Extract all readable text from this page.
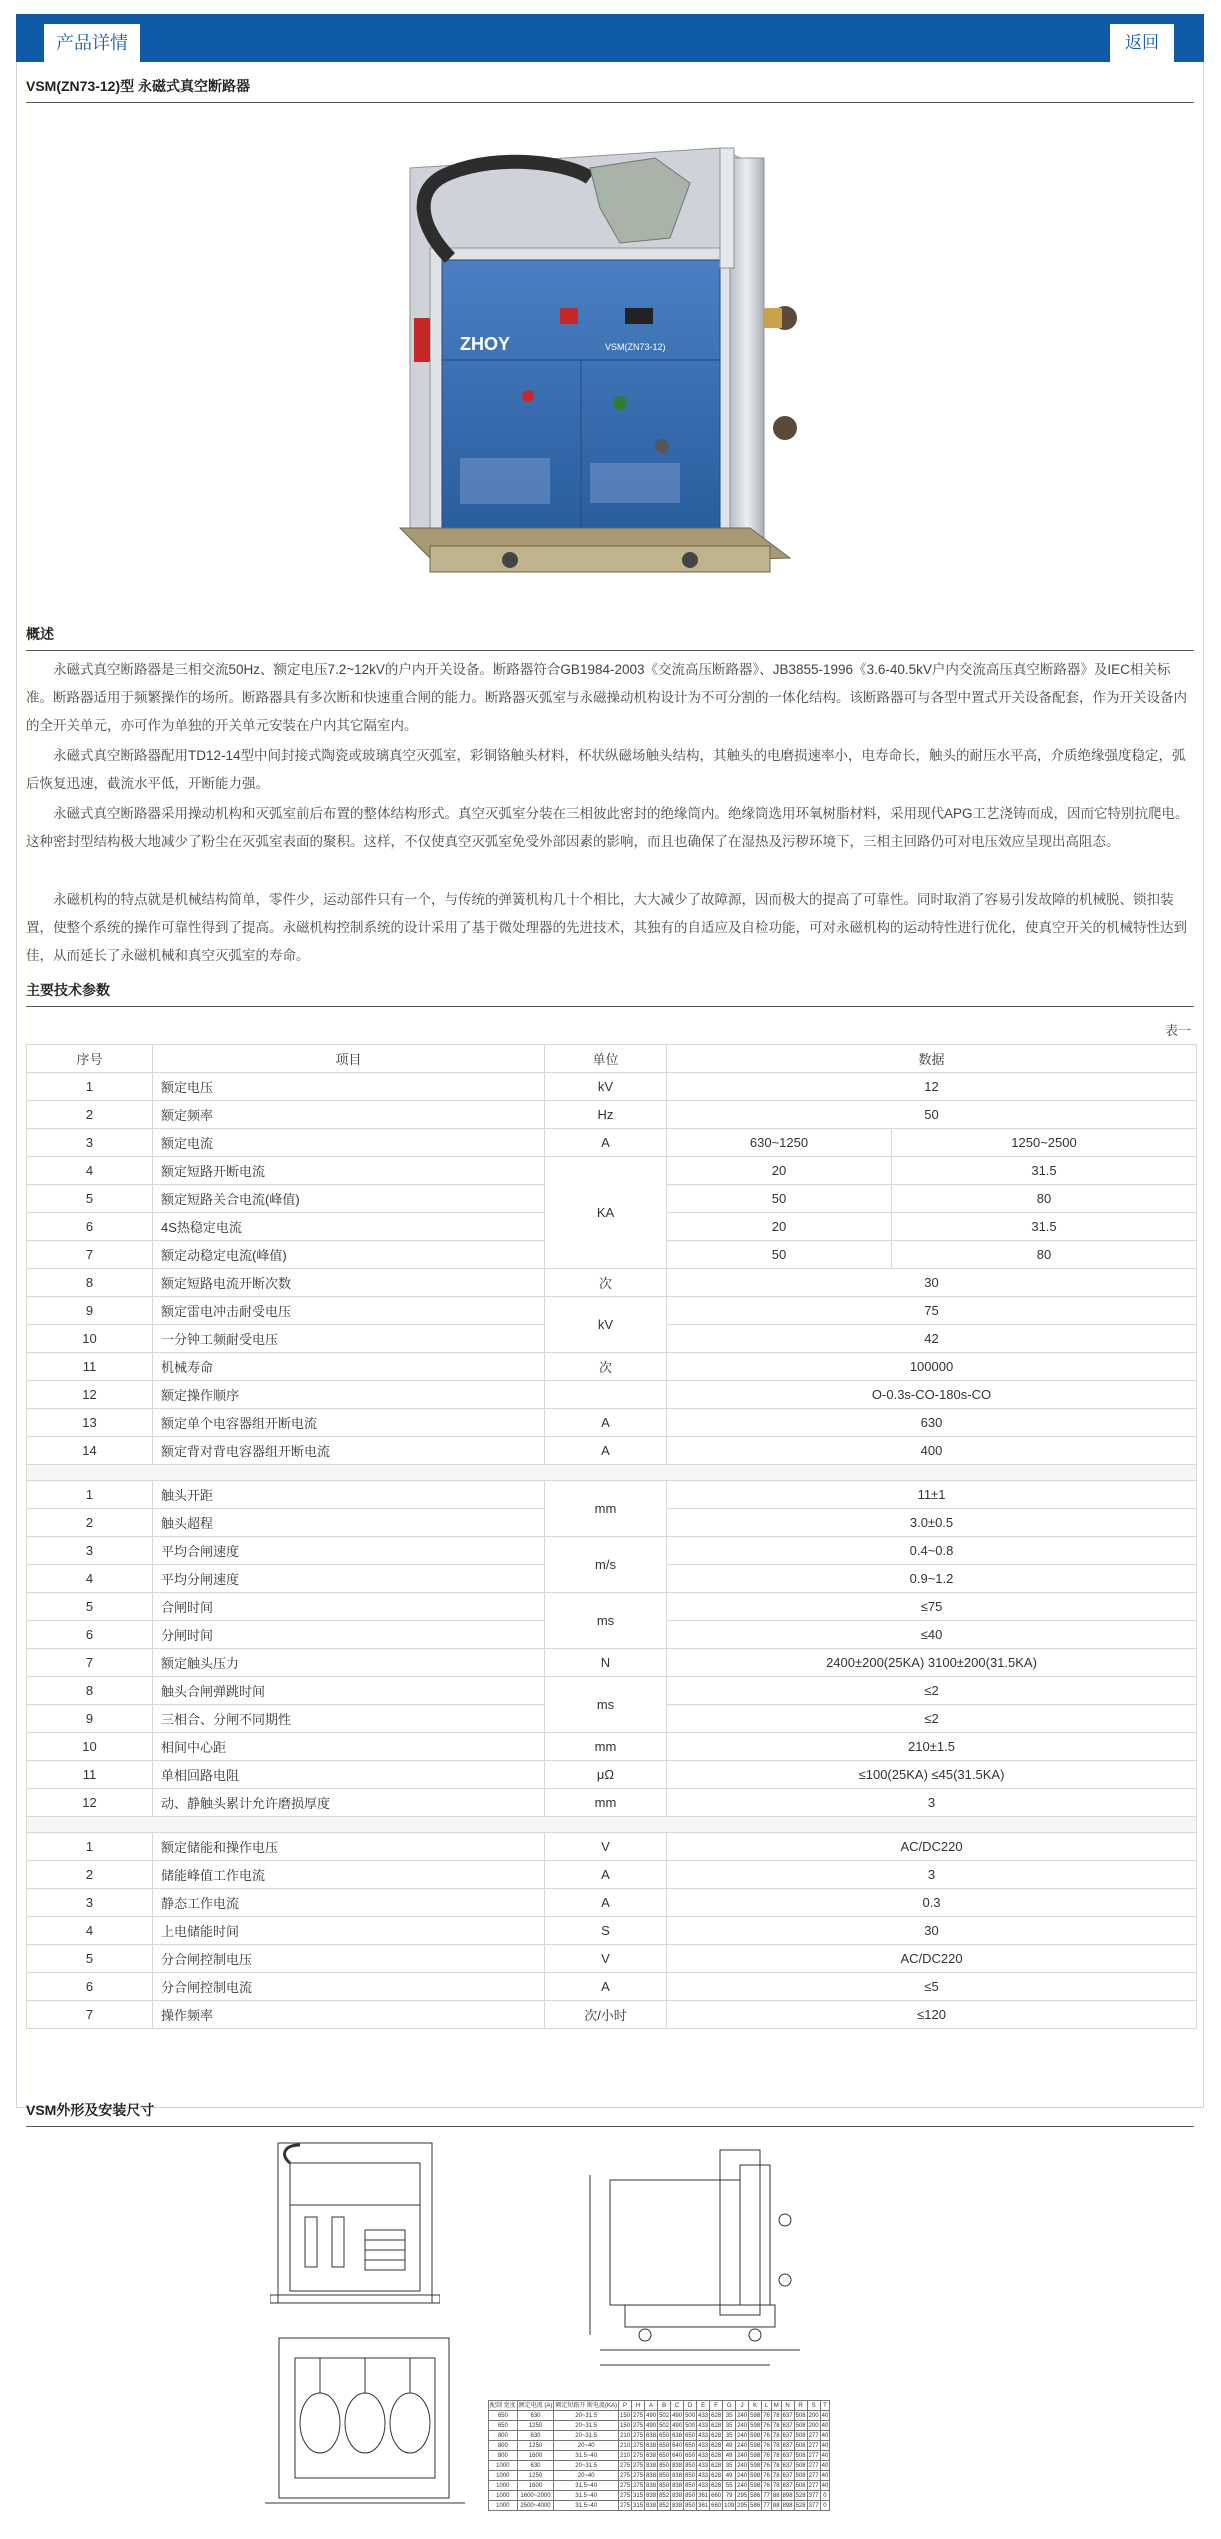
产品详情	返回
VSM(ZN73-12)型 永磁式真空断路器
ZHOY	VSM(ZN73-12)
概述

永磁式真空断路器是三相交流50Hz、额定电压7.2~12kV的户内开关设备。断路器符合GB1984-2003《交流高压断路器》、JB3855-1996《3.6-40.5kV户内交流高压真空断路器》及IEC相关标准。断路器适用于频繁操作的场所。断路器具有多次断和快速重合闸的能力。断路器灭弧室与永磁操动机构设计为不可分割的一体化结构。该断路器可与各型中置式开关设备配套，作为开关设备内的全开关单元，亦可作为单独的开关单元安装在户内其它隔室内。

永磁式真空断路器配用TD12-14型中间封接式陶瓷或玻璃真空灭弧室，彩铜铬触头材料，杯状纵磁场触头结构，其触头的电磨损速率小，电寿命长，触头的耐压水平高，介质绝缘强度稳定，弧后恢复迅速，截流水平低，开断能力强。

永磁式真空断路器采用操动机构和灭弧室前后布置的整体结构形式。真空灭弧室分装在三相彼此密封的绝缘筒内。绝缘筒选用环氧树脂材料，采用现代APG工艺浇铸而成，因而它特别抗爬电。这种密封型结构极大地减少了粉尘在灭弧室表面的聚积。这样，不仅使真空灭弧室免受外部因素的影响，而且也确保了在湿热及污秽环境下，三相主回路仍可对电压效应呈现出高阻态。

永磁机构的特点就是机械结构简单，零件少，运动部件只有一个，与传统的弹簧机构几十个相比，大大减少了故障源，因而极大的提高了可靠性。同时取消了容易引发故障的机械脱、锁扣装置，使整个系统的操作可靠性得到了提高。永磁机构控制系统的设计采用了基于微处理器的先进技术，其独有的自适应及自检功能，可对永磁机构的运动特性进行优化，使真空开关的机械特性达到佳，从而延长了永磁机械和真空灭弧室的寿命。

主要技术参数
表一
序号	项目	单位	数据	
1	额定电压	kV	12	
2	额定频率	Hz	50	
3	额定电流	A	630~1250	1250~2500
4	额定短路开断电流	KA	20	31.5
5	额定短路关合电流(峰值)		50	80
6	4S热稳定电流		20	31.5
7	额定动稳定电流(峰值)		50	80
8	额定短路电流开断次数	次	30	
9	额定雷电冲击耐受电压	kV	75	
10	一分钟工频耐受电压		42	
11	机械寿命	次	100000	
12	额定操作顺序		O-0.3s-CO-180s-CO	
13	额定单个电容器组开断电流	A	630	
14	额定背对背电容器组开断电流	A	400	

1	触头开距	mm	11±1	
2	触头超程		3.0±0.5	
3	平均合闸速度	m/s	0.4~0.8	
4	平均分闸速度		0.9~1.2	
5	合闸时间	ms	≤75	
6	分闸时间		≤40	
7	额定触头压力	N	2400±200(25KA) 3100±200(31.5KA)	
8	触头合闸弹跳时间	ms	≤2	
9	三相合、分闸不同期性		≤2	
10	相间中心距	mm	210±1.5	
11	单相回路电阻	μΩ	≤100(25KA) ≤45(31.5KA)	
12	动、静触头累计允许磨损厚度	mm	3	

1	额定储能和操作电压	V	AC/DC220	
2	储能峰值工作电流	A	3	
3	静态工作电流	A	0.3	
4	上电储能时间	S	30	
5	分合闸控制电压	V	AC/DC220	
6	分合闸控制电流	A	≤5	
7	操作频率	次/小时	≤120	
VSM外形及安装尺寸
配制 宽度	额定电流 (A)	额定短路开 断电流(KA)	P	H	A	B	C	D	E	F	G	J	K	L	M	N	R	S	T
650	630	20~31.5	150	275	490	502	490	500	433	628	35	240	598	76	78	637	508	200	40
650	1250	20~31.5	150	275	490	502	490	500	433	628	35	240	598	76	78	637	508	200	40
800	630	20~31.5	210	275	638	650	638	650	433	628	35	240	598	76	78	637	508	277	40
800	1250	20~40	210	275	638	650	640	650	433	628	49	240	598	76	78	637	508	277	40
800	1600	31.5~40	210	275	638	650	640	650	433	628	49	240	598	76	78	637	508	277	40
1000	630	20~31.5	275	275	838	850	838	850	433	628	35	240	598	76	78	637	508	277	40
1000	1250	20~40	275	275	838	850	838	850	433	628	49	240	598	76	78	637	508	277	40
1000	1600	31.5~40	275	275	838	850	838	850	433	628	55	240	598	76	78	637	508	277	40
1000	1600~2000	31.5~40	275	315	838	852	838	850	361	660	79	295	586	77	88	898	528	377	0
1000	2500~4000	31.5~40	275	315	838	852	838	850	361	660	109	295	586	77	88	898	528	377	0
